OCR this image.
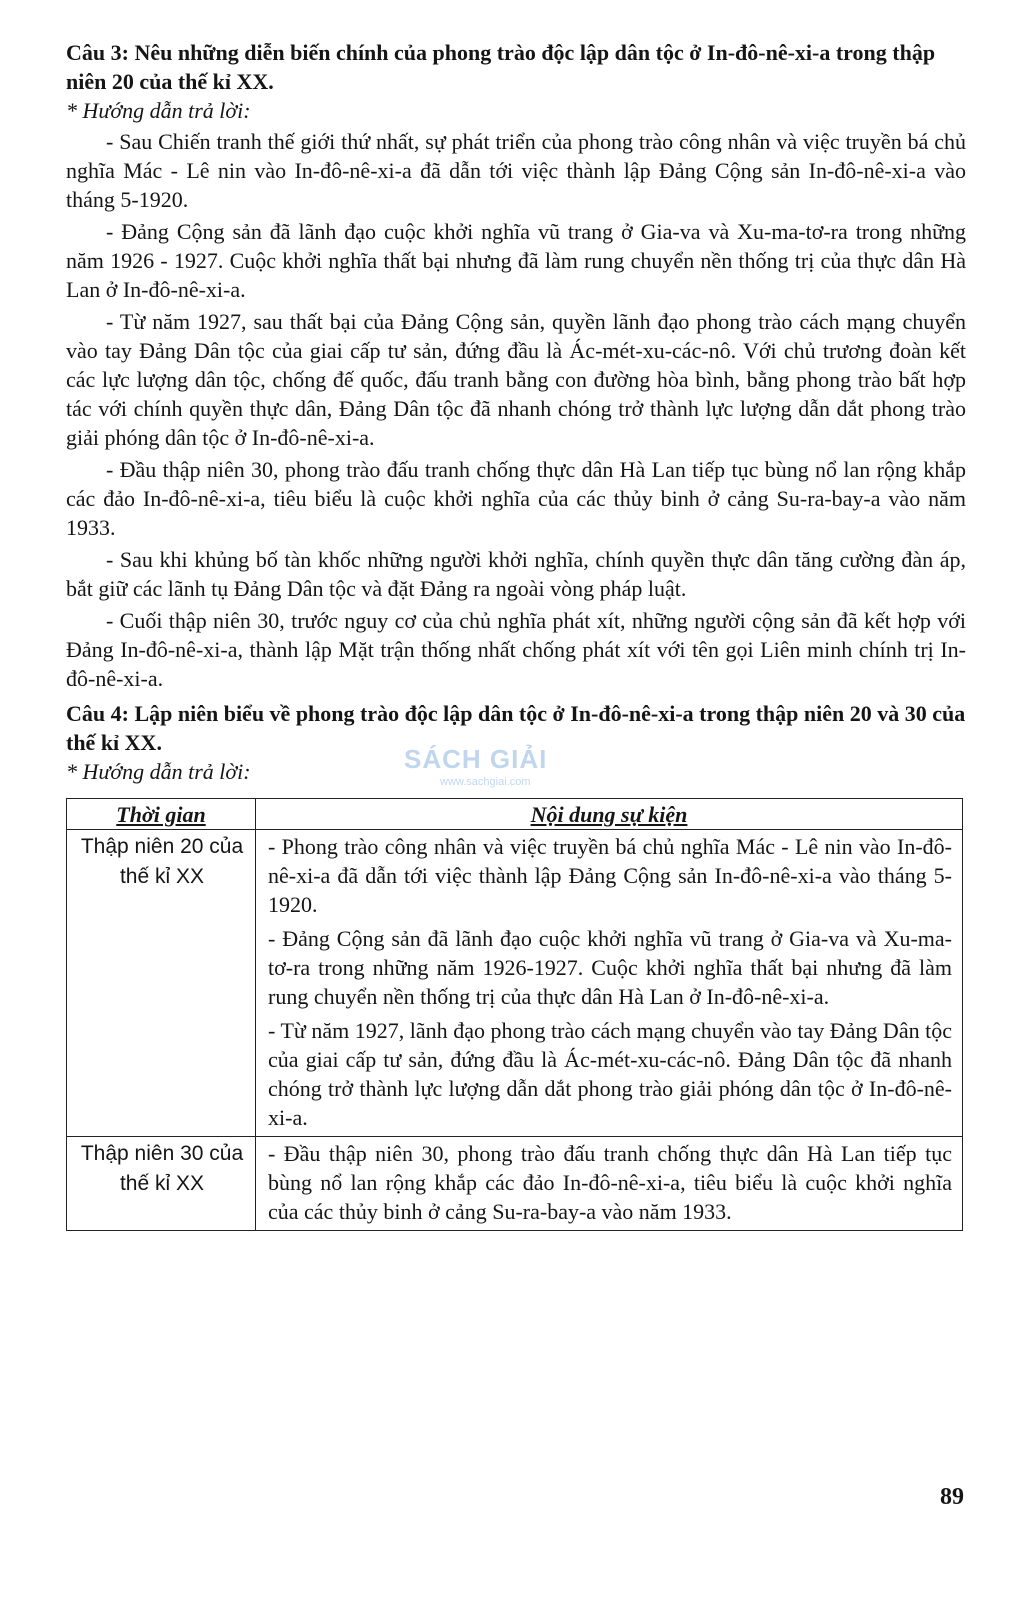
Câu 3: Nêu những diễn biến chính của phong trào độc lập dân tộc ở In-đô-nê-xi-a trong thập niên 20 của thế kỉ XX.

* Hướng dẫn trả lời:

- Sau Chiến tranh thế giới thứ nhất, sự phát triển của phong trào công nhân và việc truyền bá chủ nghĩa Mác - Lê nin vào In-đô-nê-xi-a đã dẫn tới việc thành lập Đảng Cộng sản In-đô-nê-xi-a vào tháng 5-1920.

- Đảng Cộng sản đã lãnh đạo cuộc khởi nghĩa vũ trang ở Gia-va và Xu-ma-tơ-ra trong những năm 1926 - 1927. Cuộc khởi nghĩa thất bại nhưng đã làm rung chuyển nền thống trị của thực dân Hà Lan ở In-đô-nê-xi-a.

- Từ năm 1927, sau thất bại của Đảng Cộng sản, quyền lãnh đạo phong trào cách mạng chuyển vào tay Đảng Dân tộc của giai cấp tư sản, đứng đầu là Ác-mét-xu-các-nô. Với chủ trương đoàn kết các lực lượng dân tộc, chống đế quốc, đấu tranh bằng con đường hòa bình, bằng phong trào bất hợp tác với chính quyền thực dân, Đảng Dân tộc đã nhanh chóng trở thành lực lượng dẫn dắt phong trào giải phóng dân tộc ở In-đô-nê-xi-a.

- Đầu thập niên 30, phong trào đấu tranh chống thực dân Hà Lan tiếp tục bùng nổ lan rộng khắp các đảo In-đô-nê-xi-a, tiêu biểu là cuộc khởi nghĩa của các thủy binh ở cảng Su-ra-bay-a vào năm 1933.

- Sau khi khủng bố tàn khốc những người khởi nghĩa, chính quyền thực dân tăng cường đàn áp, bắt giữ các lãnh tụ Đảng Dân tộc và đặt Đảng ra ngoài vòng pháp luật.

- Cuối thập niên 30, trước nguy cơ của chủ nghĩa phát xít, những người cộng sản đã kết hợp với Đảng In-đô-nê-xi-a, thành lập Mặt trận thống nhất chống phát xít với tên gọi Liên minh chính trị In-đô-nê-xi-a.

Câu 4: Lập niên biểu về phong trào độc lập dân tộc ở In-đô-nê-xi-a trong thập niên 20 và 30 của thế kỉ XX.

* Hướng dẫn trả lời:

Thời gian	Nội dung sự kiện
Thập niên 20 của thế kỉ XX	- Phong trào công nhân và việc truyền bá chủ nghĩa Mác - Lê nin vào In-đô-nê-xi-a đã dẫn tới việc thành lập Đảng Cộng sản In-đô-nê-xi-a vào tháng 5-1920.

- Đảng Cộng sản đã lãnh đạo cuộc khởi nghĩa vũ trang ở Gia-va và Xu-ma-tơ-ra trong những năm 1926-1927. Cuộc khởi nghĩa thất bại nhưng đã làm rung chuyển nền thống trị của thực dân Hà Lan ở In-đô-nê-xi-a.

- Từ năm 1927, lãnh đạo phong trào cách mạng chuyển vào tay Đảng Dân tộc của giai cấp tư sản, đứng đầu là Ác-mét-xu-các-nô. Đảng Dân tộc đã nhanh chóng trở thành lực lượng dẫn dắt phong trào giải phóng dân tộc ở In-đô-nê-xi-a.

Thập niên 30 của thế kỉ XX	- Đầu thập niên 30, phong trào đấu tranh chống thực dân Hà Lan tiếp tục bùng nổ lan rộng khắp các đảo In-đô-nê-xi-a, tiêu biểu là cuộc khởi nghĩa của các thủy binh ở cảng Su-ra-bay-a vào năm 1933.

SÁCH GIẢI
www.sachgiai.com
89
